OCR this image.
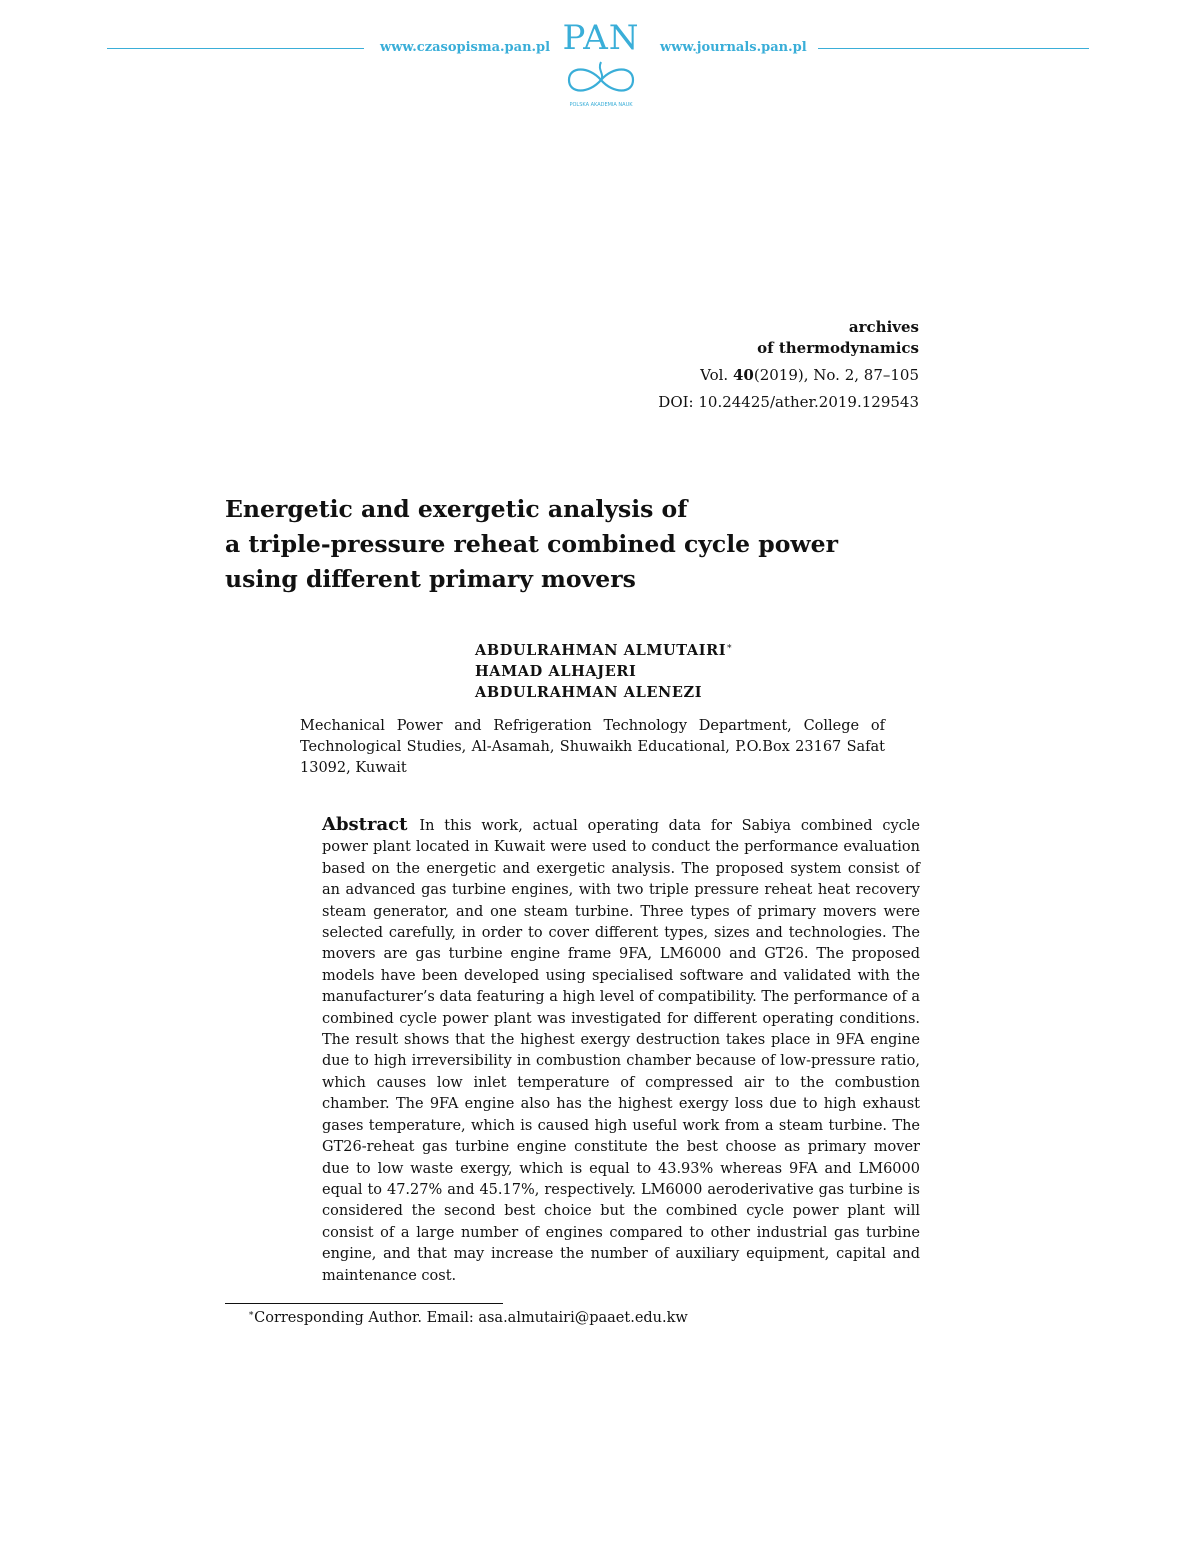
www.czasopisma.pan.pl	www.journals.pan.pl
PAN
POLSKA AKADEMIA NAUK
archives
of thermodynamics
Vol. 40(2019), No. 2, 87–105
DOI: 10.24425/ather.2019.129543
Energetic and exergetic analysis of
a triple-pressure reheat combined cycle power
using different primary movers
ABDULRAHMAN ALMUTAIRI∗
HAMAD ALHAJERI
ABDULRAHMAN ALENEZI
Mechanical Power and Refrigeration Technology Department, College of Technological Studies, Al-Asamah, Shuwaikh Educational, P.O.Box 23167 Safat 13092, Kuwait
Abstract In this work, actual operating data for Sabiya combined cycle power plant located in Kuwait were used to conduct the performance evaluation based on the energetic and exergetic analysis. The proposed system consist of an advanced gas turbine engines, with two triple pressure reheat heat recovery steam generator, and one steam turbine. Three types of primary movers were selected carefully, in order to cover different types, sizes and technologies. The movers are gas turbine engine frame 9FA, LM6000 and GT26. The proposed models have been developed using specialised software and validated with the manufacturer’s data featuring a high level of compatibility. The performance of a combined cycle power plant was investigated for different operating conditions. The result shows that the highest exergy destruction takes place in 9FA engine due to high irreversibility in combustion chamber because of low-pressure ratio, which causes low inlet temperature of compressed air to the combustion chamber. The 9FA engine also has the highest exergy loss due to high exhaust gases temperature, which is caused high useful work from a steam turbine. The GT26-reheat gas turbine engine constitute the best choose as primary mover due to low waste exergy, which is equal to 43.93% whereas 9FA and LM6000 equal to 47.27% and 45.17%, respectively. LM6000 aeroderivative gas turbine is considered the second best choice but the combined cycle power plant will consist of a large number of engines compared to other industrial gas turbine engine, and that may increase the number of auxiliary equipment, capital and maintenance cost.
∗Corresponding Author. Email: asa.almutairi@paaet.edu.kw
